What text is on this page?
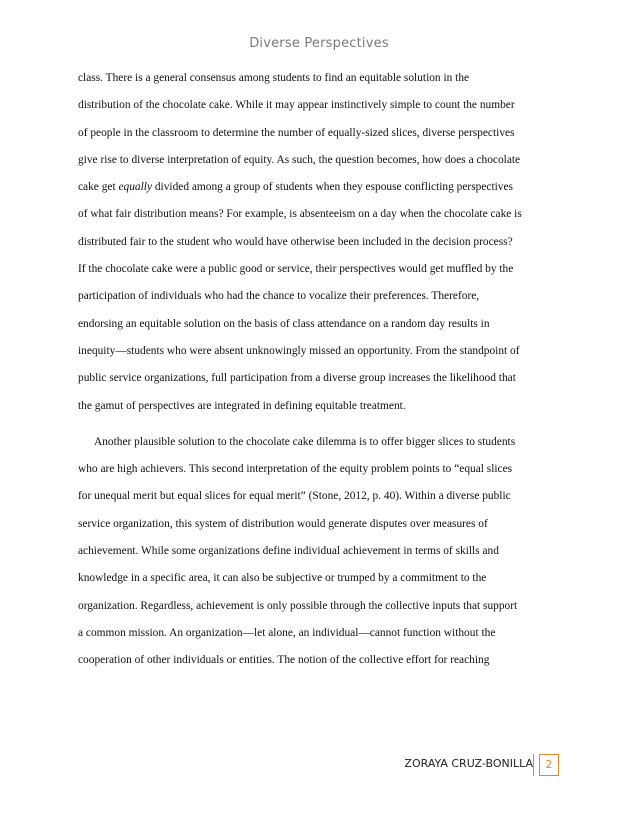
Diverse Perspectives
class. There is a general consensus among students to find an equitable solution in the
distribution of the chocolate cake. While it may appear instinctively simple to count the number
of people in the classroom to determine the number of equally-sized slices, diverse perspectives
give rise to diverse interpretation of equity. As such, the question becomes, how does a chocolate
cake get equally divided among a group of students when they espouse conflicting perspectives
of what fair distribution means? For example, is absenteeism on a day when the chocolate cake is
distributed fair to the student who would have otherwise been included in the decision process?
If the chocolate cake were a public good or service, their perspectives would get muffled by the
participation of individuals who had the chance to vocalize their preferences. Therefore,
endorsing an equitable solution on the basis of class attendance on a random day results in
inequity—students who were absent unknowingly missed an opportunity. From the standpoint of
public service organizations, full participation from a diverse group increases the likelihood that
the gamut of perspectives are integrated in defining equitable treatment.
Another plausible solution to the chocolate cake dilemma is to offer bigger slices to students
who are high achievers. This second interpretation of the equity problem points to “equal slices
for unequal merit but equal slices for equal merit” (Stone, 2012, p. 40). Within a diverse public
service organization, this system of distribution would generate disputes over measures of
achievement. While some organizations define individual achievement in terms of skills and
knowledge in a specific area, it can also be subjective or trumped by a commitment to the
organization. Regardless, achievement is only possible through the collective inputs that support
a common mission. An organization—let alone, an individual—cannot function without the
cooperation of other individuals or entities. The notion of the collective effort for reaching
ZORAYA CRUZ-BONILLA	2
